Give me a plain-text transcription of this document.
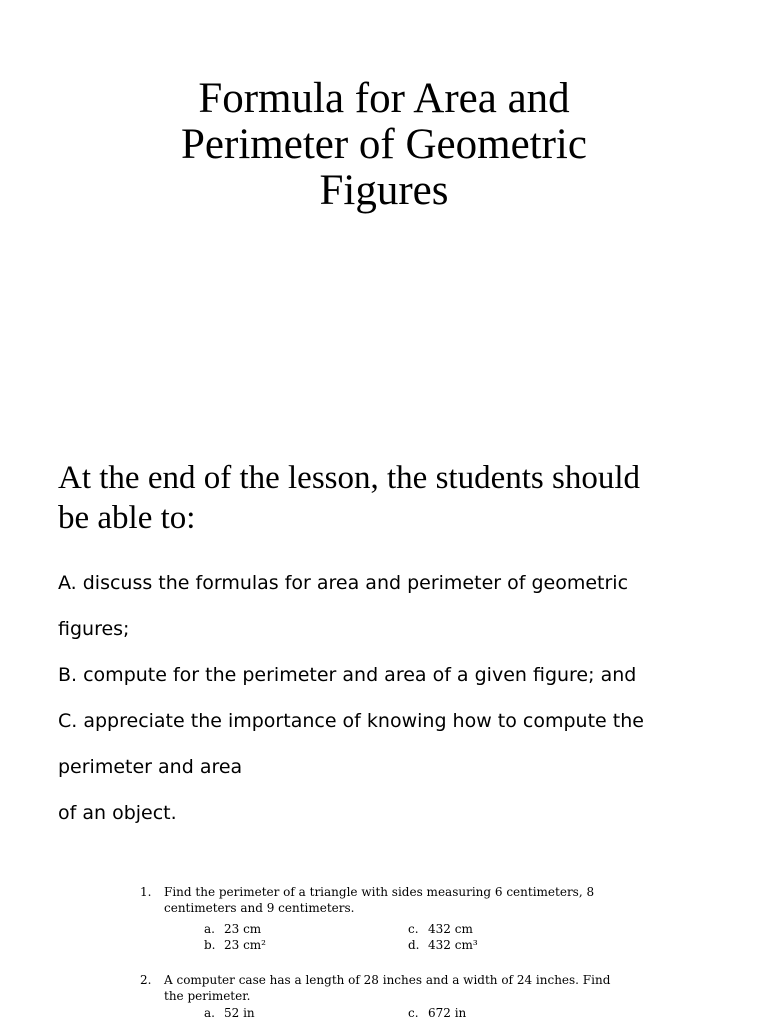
Formula for Area and
Perimeter of Geometric
Figures

At the end of the lesson, the students should
be able to:

A. discuss the formulas for area and perimeter of geometric
figures;
B. compute for the perimeter and area of a given figure; and
C. appreciate the importance of knowing how to compute the
perimeter and area
of an object.
1. Find the perimeter of a triangle with sides measuring 6 centimeters, 8
centimeters and 9 centimeters.
a. 23 cm	c. 432 cm
b. 23 cm²	d. 432 cm³
2. A computer case has a length of 28 inches and a width of 24 inches. Find
the perimeter.
a. 52 in	c. 672 in
